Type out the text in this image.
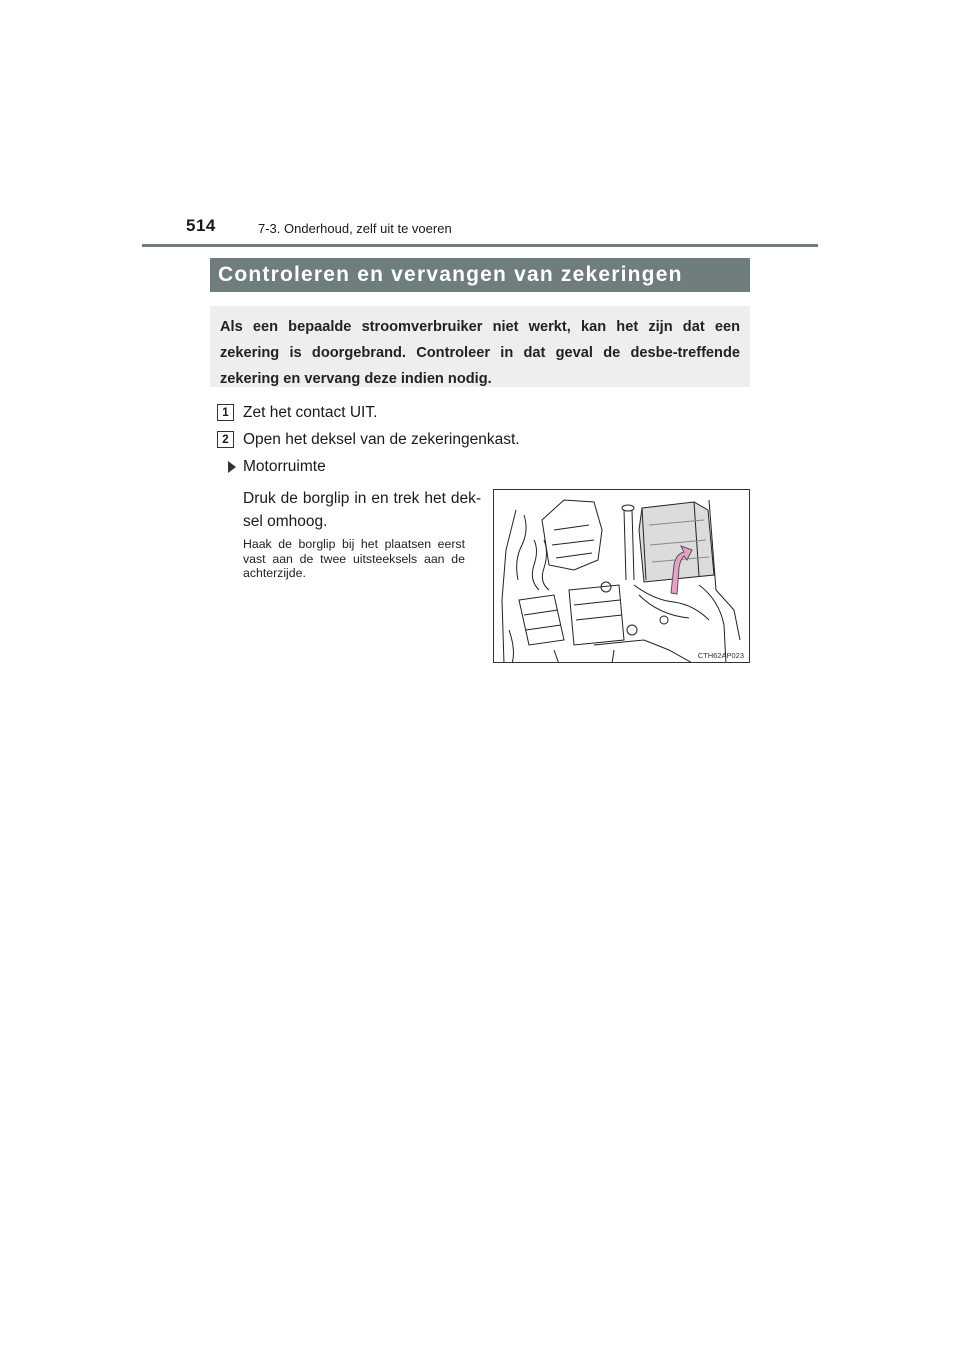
514	7-3. Onderhoud, zelf uit te voeren
Controleren en vervangen van zekeringen

Als een bepaalde stroomverbruiker niet werkt, kan het zijn dat een zekering is doorgebrand. Controleer in dat geval de desbe-treffende zekering en vervang deze indien nodig.

1 Zet het contact UIT.
2 Open het deksel van de zekeringenkast.
Motorruimte

Druk de borglip in en trek het dek-sel omhoog.

Haak de borglip bij het plaatsen eerst vast aan de twee uitsteeksels aan de achterzijde.

CTH62AP023
